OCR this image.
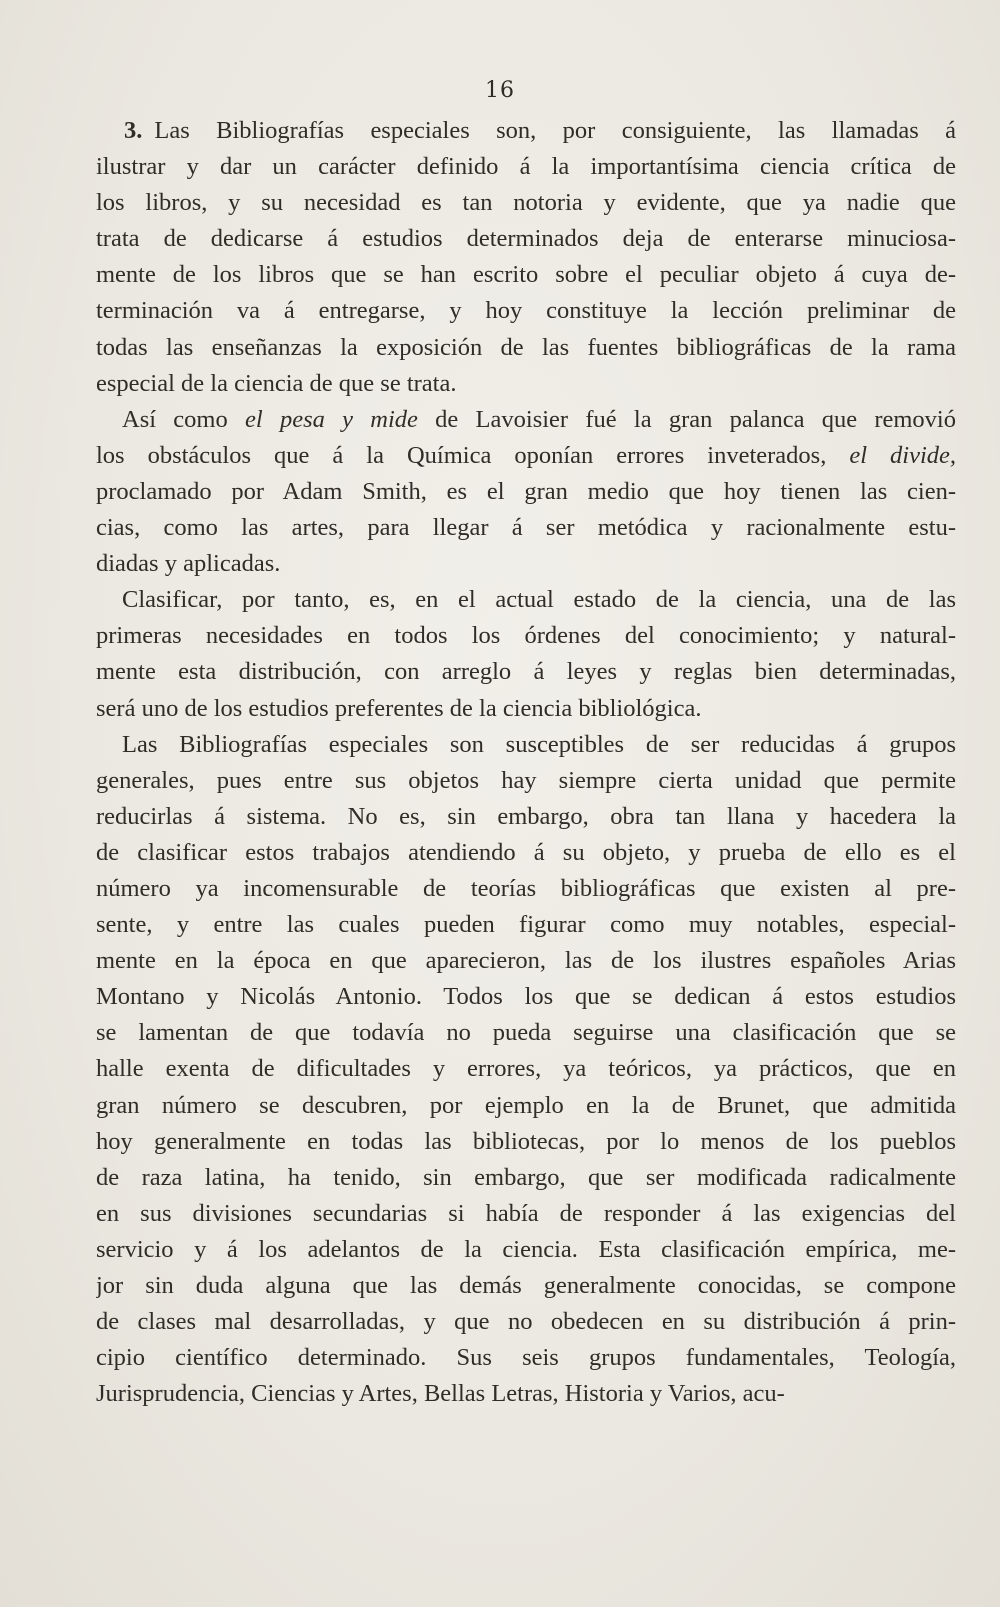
16
3. Las Bibliografías especiales son, por consiguiente, las llamadas á
ilustrar y dar un carácter definido á la importantísima ciencia crítica de
los libros, y su necesidad es tan notoria y evidente, que ya nadie que
trata de dedicarse á estudios determinados deja de enterarse minuciosa-
mente de los libros que se han escrito sobre el peculiar objeto á cuya de-
terminación va á entregarse, y hoy constituye la lección preliminar de
todas las enseñanzas la exposición de las fuentes bibliográficas de la rama
especial de la ciencia de que se trata.
Así como el pesa y mide de Lavoisier fué la gran palanca que removió
los obstáculos que á la Química oponían errores inveterados, el divide,
proclamado por Adam Smith, es el gran medio que hoy tienen las cien-
cias, como las artes, para llegar á ser metódica y racionalmente estu-
diadas y aplicadas.
Clasificar, por tanto, es, en el actual estado de la ciencia, una de las
primeras necesidades en todos los órdenes del conocimiento; y natural-
mente esta distribución, con arreglo á leyes y reglas bien determinadas,
será uno de los estudios preferentes de la ciencia bibliológica.
Las Bibliografías especiales son susceptibles de ser reducidas á grupos
generales, pues entre sus objetos hay siempre cierta unidad que permite
reducirlas á sistema. No es, sin embargo, obra tan llana y hacedera la
de clasificar estos trabajos atendiendo á su objeto, y prueba de ello es el
número ya incomensurable de teorías bibliográficas que existen al pre-
sente, y entre las cuales pueden figurar como muy notables, especial-
mente en la época en que aparecieron, las de los ilustres españoles Arias
Montano y Nicolás Antonio. Todos los que se dedican á estos estudios
se lamentan de que todavía no pueda seguirse una clasificación que se
halle exenta de dificultades y errores, ya teóricos, ya prácticos, que en
gran número se descubren, por ejemplo en la de Brunet, que admitida
hoy generalmente en todas las bibliotecas, por lo menos de los pueblos
de raza latina, ha tenido, sin embargo, que ser modificada radicalmente
en sus divisiones secundarias si había de responder á las exigencias del
servicio y á los adelantos de la ciencia. Esta clasificación empírica, me-
jor sin duda alguna que las demás generalmente conocidas, se compone
de clases mal desarrolladas, y que no obedecen en su distribución á prin-
cipio científico determinado. Sus seis grupos fundamentales, Teología,
Jurisprudencia, Ciencias y Artes, Bellas Letras, Historia y Varios, acu-
